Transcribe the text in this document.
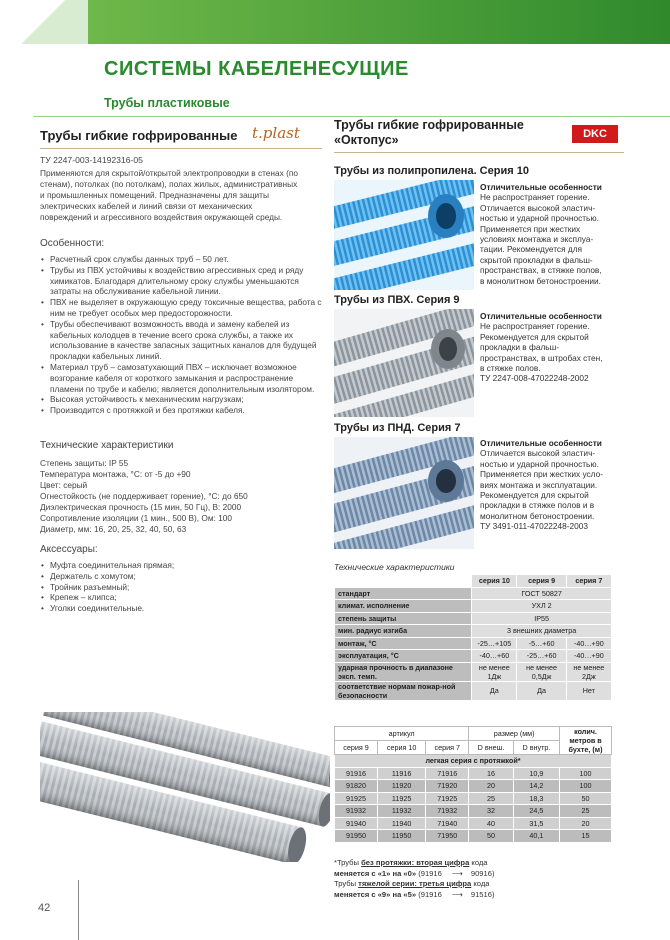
СИСТЕМЫ КАБЕЛЕНЕСУЩИЕ
Трубы пластиковые
Трубы гибкие гофрированные t.plast
ТУ 2247-003-14192316-05
Применяются для скрытой/открытой электропроводки в стенах (по
стенам), потолках (по потолкам), полах жилых, административных
и промышленных помещений. Предназначены для защиты
электрических кабелей и линий связи от механических
повреждений и агрессивного воздействия окружающей среды.
Особенности:
• Расчетный срок службы данных труб – 50 лет.
• Трубы из ПВХ устойчивы к воздействию агрессивных сред и ряду химикатов. Благодаря длительному сроку службы уменьшаются затраты на обслуживание кабельной линии.
• ПВХ не выделяет в окружающую среду токсичные вещества, работа с ним не требует особых мер предосторожности.
• Трубы обеспечивают возможность ввода и замену кабелей из кабельных колодцев в течение всего срока службы, а также их использование в качестве запасных защитных каналов для будущей прокладки кабельных линий.
• Материал труб – самозатухающий ПВХ – исключает возможное возгорание кабеля от короткого замыкания и распространение пламени по трубе и кабелю; является дополнительным изолятором.
• Высокая устойчивость к механическим нагрузкам;
• Производится с протяжкой и без протяжки кабеля.
Технические характеристики
Степень защиты: IP 55
Температура монтажа, °С: от -5 до +90
Цвет: серый
Огнестойкость (не поддерживает горение), °С: до 650
Диэлектрическая прочность (15 мин, 50 Гц), В: 2000
Сопротивление изоляции (1 мин., 500 В), Ом: 100
Диаметр, мм: 16, 20, 25, 32, 40, 50, 63
Аксессуары:
• Муфта соединительная прямая;
• Держатель с хомутом;
• Тройник разъемный;
• Крепеж – клипса;
• Уголки соединительные.
42
Трубы гибкие гофрированные
«Октопус»	DKC
Трубы из полипропилена. Серия 10
Отличительные особенности
Не распространяет горение.
Отличается высокой эластич-
ностью и ударной прочностью.
Применяется при жестких
условиях монтажа и эксплуа-
тации. Рекомендуется для
скрытой прокладки в фальш-
пространствах, в стяжке полов,
в монолитном бетоностроении.
Трубы из ПВХ. Серия 9
Отличительные особенности
Не распространяет горение.
Рекомендуется для скрытой
прокладки в фальш-
пространствах, в штробах стен,
в стяжке полов.
ТУ 2247-008-47022248-2002
Трубы из ПНД. Серия 7
Отличительные особенности
Отличается высокой эластич-
ностью и ударной прочностью.
Применяется при жестких усло-
виях монтажа и эксплуатации.
Рекомендуется для скрытой
прокладки в стяжке полов и в
монолитном бетоностроении.
ТУ 3491-011-47022248-2003
Технические характеристики
	серия 10	серия 9	серия 7
стандарт	ГОСТ 50827		
климат. исполнение	УХЛ 2		
степень защиты	IP55		
мин. радиус изгиба	3 внешних диаметра		
монтаж, °С	-25…+105	-5…+60	-40…+90
эксплуатация, °С	-40…+60	-25…+60	-40…+90
ударная прочность в диапазоне эксп. темп.	не менее 1Дж	не менее 0,5Дж	не менее 2Дж
соответствие нормам пожар-ной безопасности	Да	Да	Нет
артикул			размер (мм)		колич. метров в бухте, (м)
серия 9	серия 10	серия 7	D внеш.	D внутр.	
легкая серия с протяжкой*					
91916	11916	71916	16	10,9	100
91820	11920	71920	20	14,2	100
91925	11925	71925	25	18,3	50
91932	11932	71932	32	24,5	25
91940	11940	71940	40	31,5	20
91950	11950	71950	50	40,1	15
*Трубы без протяжки: вторая цифра кода
меняется с «1» на «0» (91916 ⟶ 90916)
Трубы тяжелой серии: третья цифра кода
меняется с «9» на «5» (91916 ⟶ 91516)
